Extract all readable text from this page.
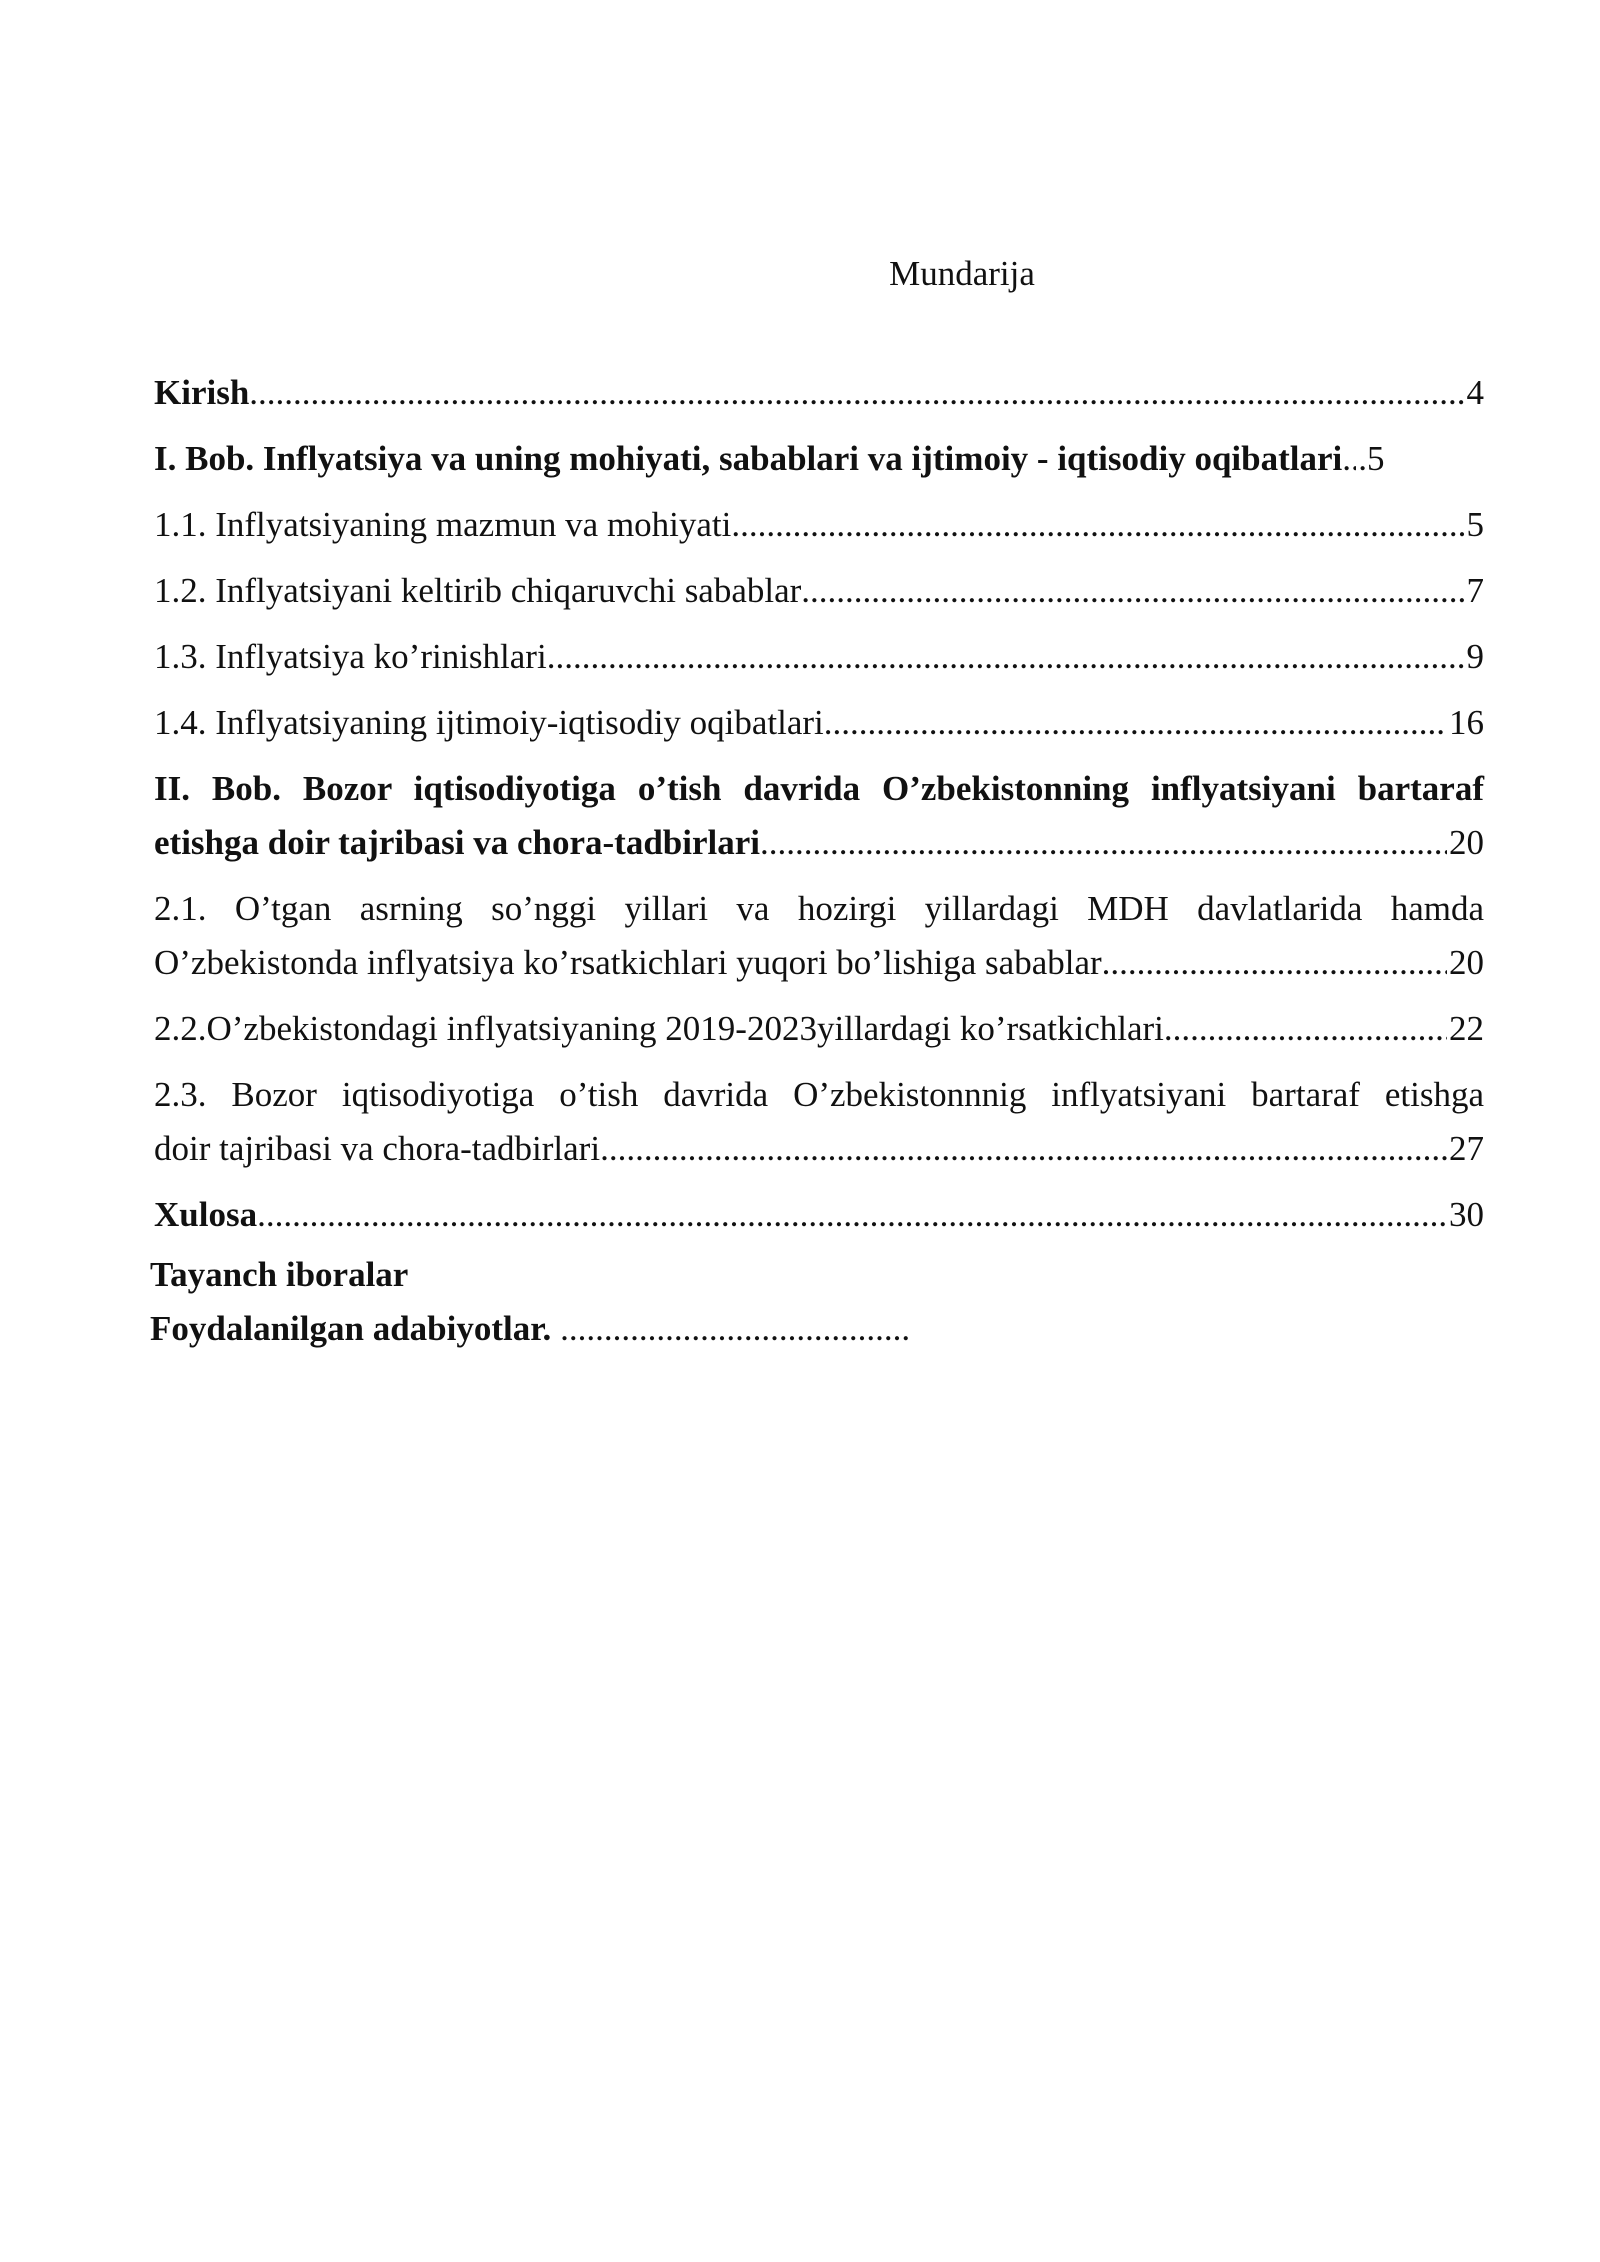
Mundarija
Kirish .....	4
I. Bob. Inflyatsiya va uning mohiyati, sabablari va ijtimoiy - iqtisodiy oqibatlari ..... .5
1.1. Inflyatsiyaning mazmun va mohiyati .....	5
1.2. Inflyatsiyani keltirib chiqaruvchi sabablar .....	7
1.3. Inflyatsiya ko’rinishlari .....	9
1.4. Inflyatsiyaning ijtimoiy-iqtisodiy oqibatlari .....	16
II. Bob. Bozor iqtisodiyotiga o’tish davrida O’zbekistonning inflyatsiyani bartaraf
etishga doir tajribasi va chora-tadbirlari .....	20
2.1. O’tgan asrning so’nggi yillari va hozirgi yillardagi MDH davlatlarida hamda
O’zbekistonda inflyatsiya ko’rsatkichlari yuqori bo’lishiga sabablar .....	20
2.2.O’zbekistondagi inflyatsiyaning 2019-2023yillardagi ko’rsatkichlari .....	22
2.3. Bozor iqtisodiyotiga o’tish davrida O’zbekistonnnig inflyatsiyani bartaraf etishga
doir tajribasi va chora-tadbirlari .....	27
Xulosa .....	30
Tayanch iboralar
Foydalanilgan adabiyotlar. ........................................
